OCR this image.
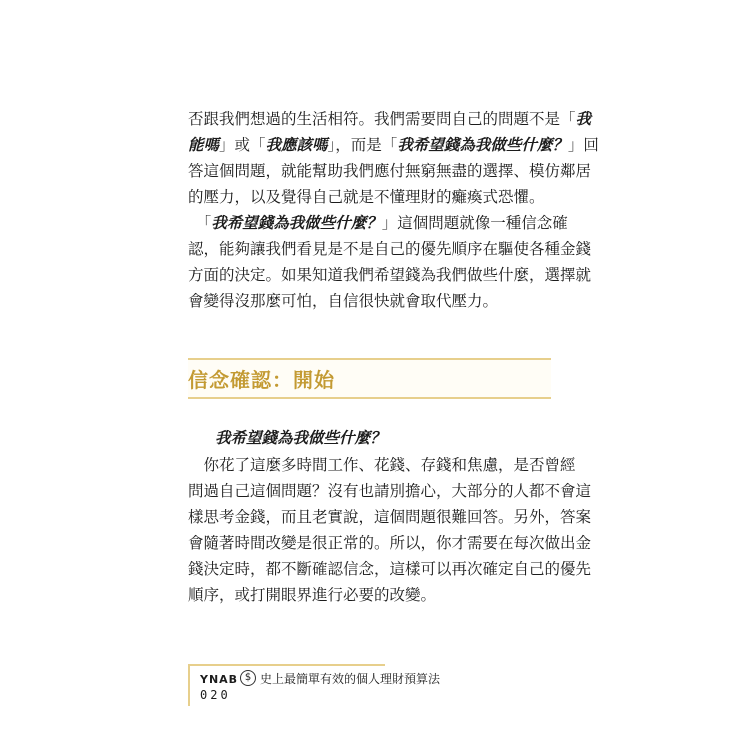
否跟我們想過的生活相符。我們需要問自己的問題不是「我

能嗎」或「我應該嗎」，而是「我希望錢為我做些什麼？」回

答這個問題，就能幫助我們應付無窮無盡的選擇、模仿鄰居

的壓力，以及覺得自己就是不懂理財的癱瘓式恐懼。

　「我希望錢為我做些什麼？」這個問題就像一種信念確

認，能夠讓我們看見是不是自己的優先順序在驅使各種金錢

方面的決定。如果知道我們希望錢為我們做些什麼，選擇就

會變得沒那麼可怕，自信很快就會取代壓力。

信念確認：開始

我希望錢為我做些什麼？

　你花了這麼多時間工作、花錢、存錢和焦慮，是否曾經

問過自己這個問題？沒有也請別擔心，大部分的人都不會這

樣思考金錢，而且老實說，這個問題很難回答。另外，答案

會隨著時間改變是很正常的。所以，你才需要在每次做出金

錢決定時，都不斷確認信念，這樣可以再次確定自己的優先

順序，或打開眼界進行必要的改變。

YNAB $ 史上最簡單有效的個人理財預算法
020
